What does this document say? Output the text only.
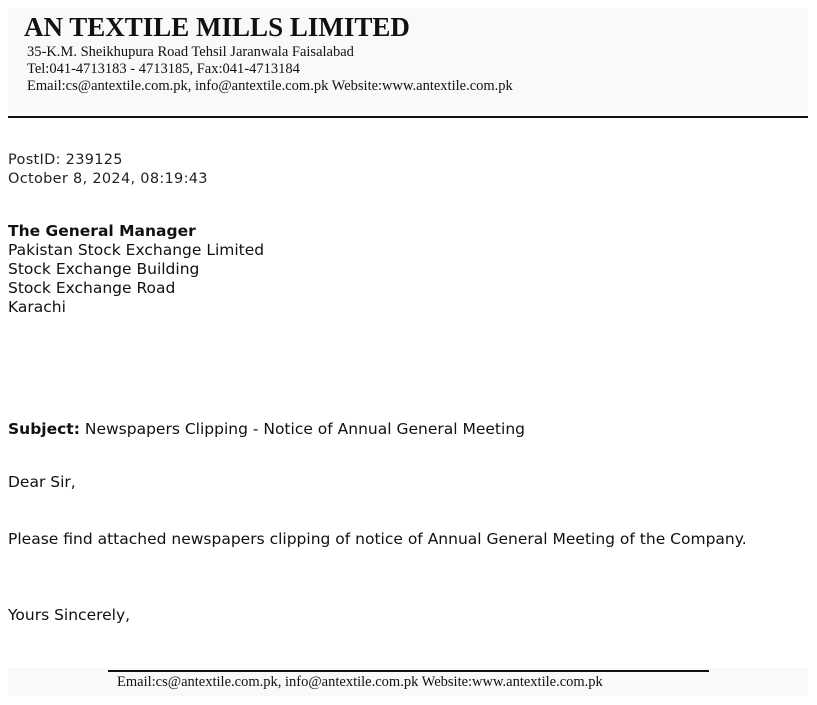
AN TEXTILE MILLS LIMITED
35-K.M. Sheikhupura Road Tehsil Jaranwala Faisalabad
Tel:041-4713183 - 4713185, Fax:041-4713184
Email:cs@antextile.com.pk, info@antextile.com.pk Website:www.antextile.com.pk
PostID: 239125
October 8, 2024, 08:19:43
The General Manager
Pakistan Stock Exchange Limited
Stock Exchange Building
Stock Exchange Road
Karachi
Subject: Newspapers Clipping - Notice of Annual General Meeting
Dear Sir,
Please find attached newspapers clipping of notice of Annual General Meeting of the Company.
Yours Sincerely,
Email:cs@antextile.com.pk, info@antextile.com.pk Website:www.antextile.com.pk
